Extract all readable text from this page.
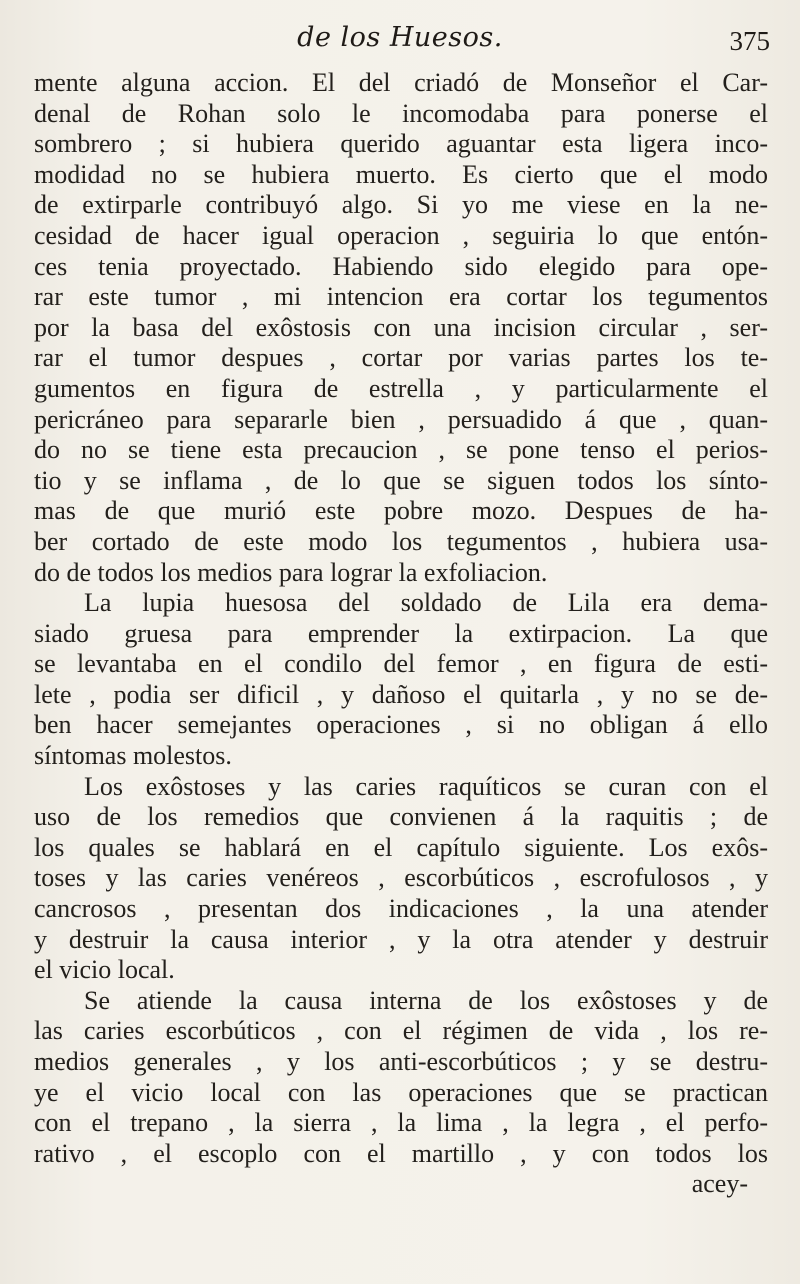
de los Huesos.	375
mente alguna accion. El del criadó de Monseñor el Car-
denal de Rohan solo le incomodaba para ponerse el
sombrero ; si hubiera querido aguantar esta ligera inco-
modidad no se hubiera muerto. Es cierto que el modo
de extirparle contribuyó algo. Si yo me viese en la ne-
cesidad de hacer igual operacion , seguiria lo que entón-
ces tenia proyectado. Habiendo sido elegido para ope-
rar este tumor , mi intencion era cortar los tegumentos
por la basa del exôstosis con una incision circular , ser-
rar el tumor despues , cortar por varias partes los te-
gumentos en figura de estrella , y particularmente el
pericráneo para separarle bien , persuadido á que , quan-
do no se tiene esta precaucion , se pone tenso el perios-
tio y se inflama , de lo que se siguen todos los sínto-
mas de que murió este pobre mozo. Despues de ha-
ber cortado de este modo los tegumentos , hubiera usa-
do de todos los medios para lograr la exfoliacion.
La lupia huesosa del soldado de Lila era dema-
siado gruesa para emprender la extirpacion. La que
se levantaba en el condilo del femor , en figura de esti-
lete , podia ser dificil , y dañoso el quitarla , y no se de-
ben hacer semejantes operaciones , si no obligan á ello
síntomas molestos.
Los exôstoses y las caries raquíticos se curan con el
uso de los remedios que convienen á la raquitis ; de
los quales se hablará en el capítulo siguiente. Los exôs-
toses y las caries venéreos , escorbúticos , escrofulosos , y
cancrosos , presentan dos indicaciones , la una atender
y destruir la causa interior , y la otra atender y destruir
el vicio local.
Se atiende la causa interna de los exôstoses y de
las caries escorbúticos , con el régimen de vida , los re-
medios generales , y los anti-escorbúticos ; y se destru-
ye el vicio local con las operaciones que se practican
con el trepano , la sierra , la lima , la legra , el perfo-
rativo , el escoplo con el martillo , y con todos los
acey-
